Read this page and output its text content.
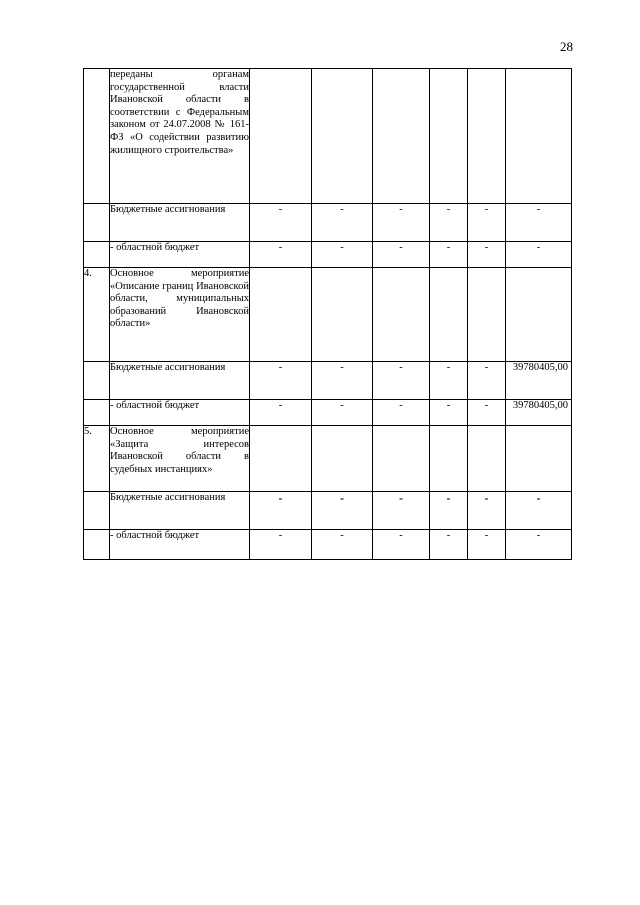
28
	переданы органам государственной власти Ивановской области в соответствии с Федеральным законом от 24.07.2008 № 161-ФЗ «О содействии развитию жилищного строительства»						
	Бюджетные ассигнования	-	-	-	-	-	-
	- областной бюджет	-	-	-	-	-	-
4.	Основное мероприятие «Описание границ Ивановской области, муниципальных образований Ивановской области»						
	Бюджетные ассигнования	-	-	-	-	-	39780405,00
	- областной бюджет	-	-	-	-	-	39780405,00
5.	Основное мероприятие «Защита интересов Ивановской области в судебных инстанциях»						
	Бюджетные ассигнования	-	-	-	-	-	-
	- областной бюджет	-	-	-	-	-	-
